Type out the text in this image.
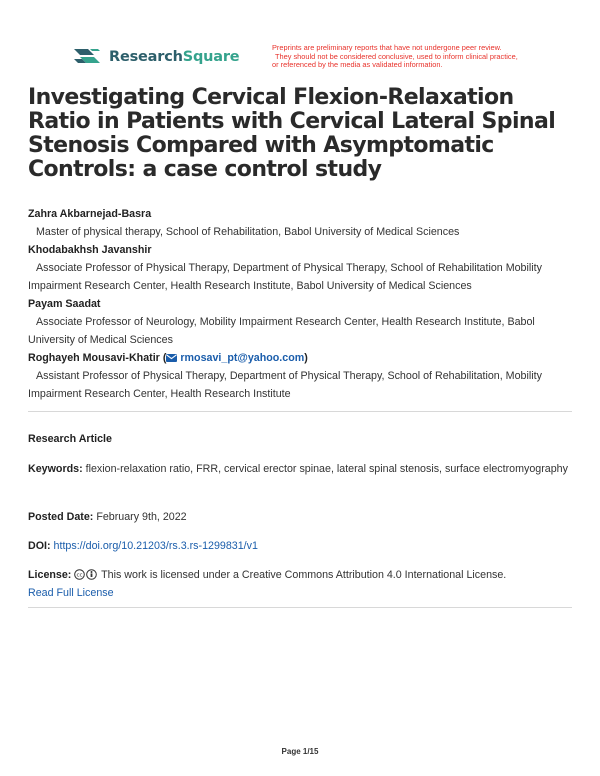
ResearchSquare
Preprints are preliminary reports that have not undergone peer review.
They should not be considered conclusive, used to inform clinical practice,
or referenced by the media as validated information.
Investigating Cervical Flexion-Relaxation Ratio in Patients with Cervical Lateral Spinal Stenosis Compared with Asymptomatic Controls: a case control study
Zahra Akbarnejad-Basra
Master of physical therapy, School of Rehabilitation, Babol University of Medical Sciences
Khodabakhsh Javanshir
Associate Professor of Physical Therapy, Department of Physical Therapy, School of Rehabilitation Mobility Impairment Research Center, Health Research Institute, Babol University of Medical Sciences
Payam Saadat
Associate Professor of Neurology, Mobility Impairment Research Center, Health Research Institute, Babol University of Medical Sciences
Roghayeh Mousavi-Khatir ( rmosavi_pt@yahoo.com)
Assistant Professor of Physical Therapy, Department of Physical Therapy, School of Rehabilitation, Mobility Impairment Research Center, Health Research Institute
Research Article
Keywords: flexion-relaxation ratio, FRR, cervical erector spinae, lateral spinal stenosis, surface electromyography
Posted Date: February 9th, 2022
DOI: https://doi.org/10.21203/rs.3.rs-1299831/v1
License: cc This work is licensed under a Creative Commons Attribution 4.0 International License.
Read Full License
Page 1/15
